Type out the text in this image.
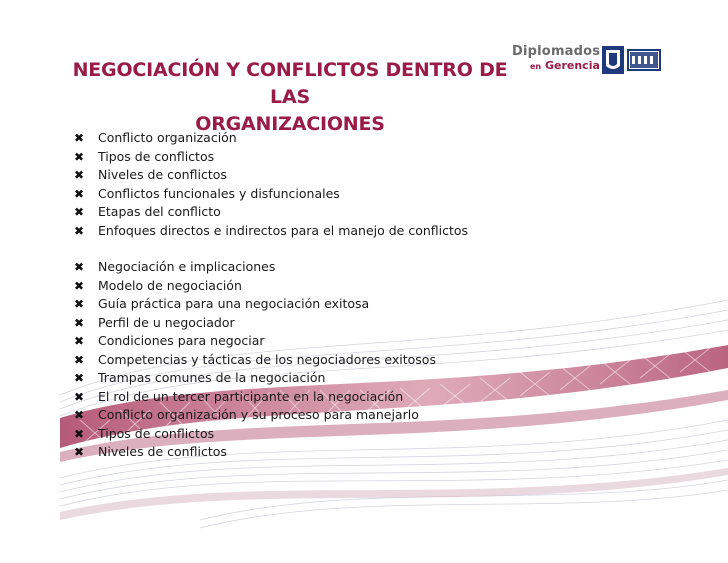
Diplomados
en Gerencia
NEGOCIACIÓN Y CONFLICTOS DENTRO DE LAS
ORGANIZACIONES
✖ Conflicto organización
✖ Tipos de conflictos
✖ Niveles de conflictos
✖ Conflictos funcionales y disfuncionales
✖ Etapas del conflicto
✖ Enfoques directos e indirectos para el manejo de conflictos
✖ Negociación e implicaciones
✖ Modelo de negociación
✖ Guía práctica para una negociación exitosa
✖ Perfil de u negociador
✖ Condiciones para negociar
✖ Competencias y tácticas de los negociadores exitosos
✖ Trampas comunes de la negociación
✖ El rol de un tercer participante en la negociación
✖ Conflicto organización y su proceso para manejarlo
✖ Tipos de conflictos
✖ Niveles de conflictos
